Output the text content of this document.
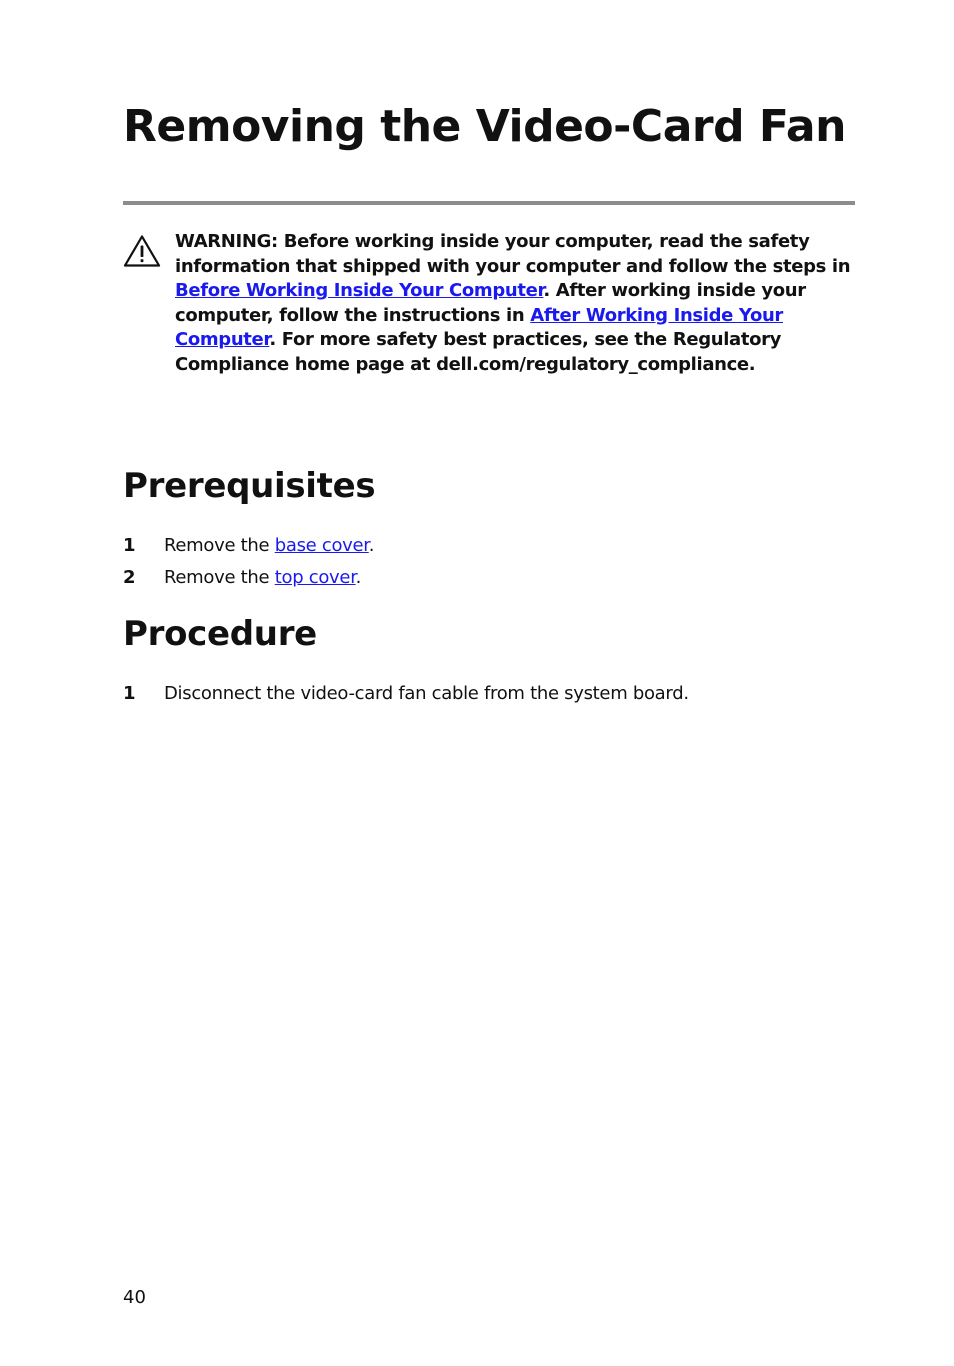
Removing the Video-Card Fan

WARNING: Before working inside your computer, read the safety information that shipped with your computer and follow the steps in Before Working Inside Your Computer. After working inside your computer, follow the instructions in After Working Inside Your Computer. For more safety best practices, see the Regulatory Compliance home page at dell.com/regulatory_compliance.

Prerequisites
1 Remove the base cover.
2 Remove the top cover.
Procedure
1 Disconnect the video-card fan cable from the system board.
40
